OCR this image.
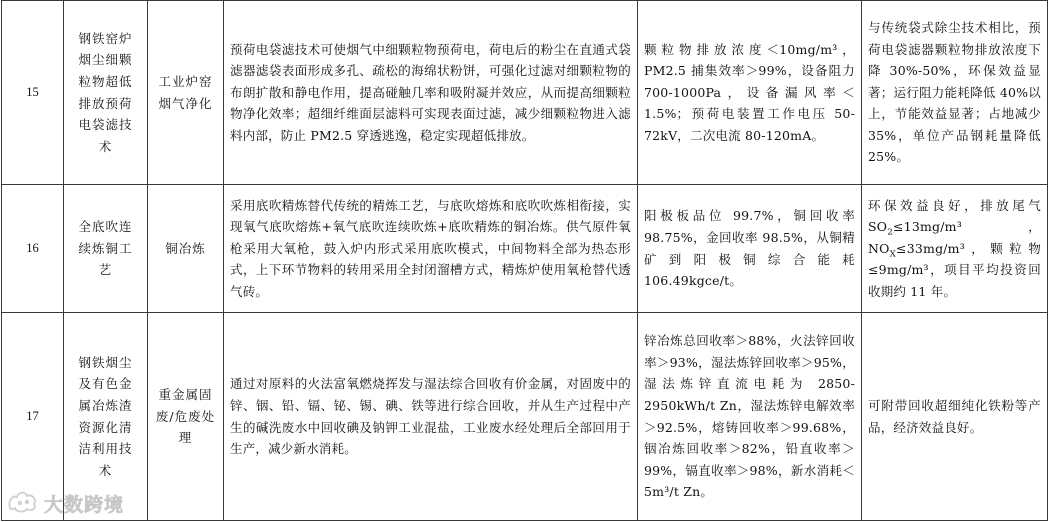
15	钢铁窑炉烟尘细颗粒物超低排放预荷电袋滤技术	工业炉窑烟气净化	预荷电袋滤技术可使烟气中细颗粒物预荷电，荷电后的粉尘在直通式袋滤器滤袋表面形成多孔、疏松的海绵状粉饼，可强化过滤对细颗粒物的布朗扩散和静电作用，提高碰触几率和吸附凝并效应，从而提高细颗粒物净化效率；超细纤维面层滤料可实现表面过滤，减少细颗粒物进入滤料内部，防止 PM2.5 穿透逃逸，稳定实现超低排放。	颗粒物排放浓度＜10mg/m³，PM2.5 捕集效率＞99%，设备阻力 700-1000Pa，设备漏风率＜1.5%；预荷电装置工作电压 50-72kV，二次电流 80-120mA。	与传统袋式除尘技术相比，预荷电袋滤器颗粒物排放浓度下降 30%-50%，环保效益显著；运行阻力能耗降低 40%以上，节能效益显著；占地减少 35%，单位产品钢耗量降低 25%。

16	全底吹连续炼铜工艺	铜冶炼	采用底吹精炼替代传统的精炼工艺，与底吹熔炼和底吹吹炼相衔接，实现氧气底吹熔炼+氧气底吹连续吹炼+底吹精炼的铜冶炼。供气原件氧枪采用大氧枪，鼓入炉内形式采用底吹模式，中间物料全部为热态形式，上下环节物料的转用采用全封闭溜槽方式，精炼炉使用氧枪替代透气砖。	阳极板品位 99.7%，铜回收率 98.75%，金回收率 98.5%，从铜精矿到阳极铜综合能耗 106.49kgce/t。	环保效益良好，排放尾气 $SO_2\le 13mg/m^3$， $NO_X\le 33mg/m^3$，颗粒物 ≤9mg/m³，项目平均投资回收期约 11 年。
17	钢铁烟尘及有色金属冶炼渣资源化清洁利用技术	重金属固废/危废处理	通过对原料的火法富氧燃烧挥发与湿法综合回收有价金属，对固废中的锌、铟、铅、镉、铋、锡、碘、铁等进行综合回收，并从生产过程中产生的碱洗废水中回收碘及钠钾工业混盐，工业废水经处理后全部回用于生产，减少新水消耗。	锌冶炼总回收率＞88%，火法锌回收率＞93%，湿法炼锌回收率＞95%，湿法炼锌直流电耗为 2850-2950kWh/t Zn，湿法炼锌电解效率＞92.5%，熔铸回收率＞99.68%，铟冶炼回收率＞82%，铅直收率＞99%，镉直收率＞98%，新水消耗＜5m³/t Zn。	可附带回收超细纯化铁粉等产品，经济效益良好。
大数跨境
